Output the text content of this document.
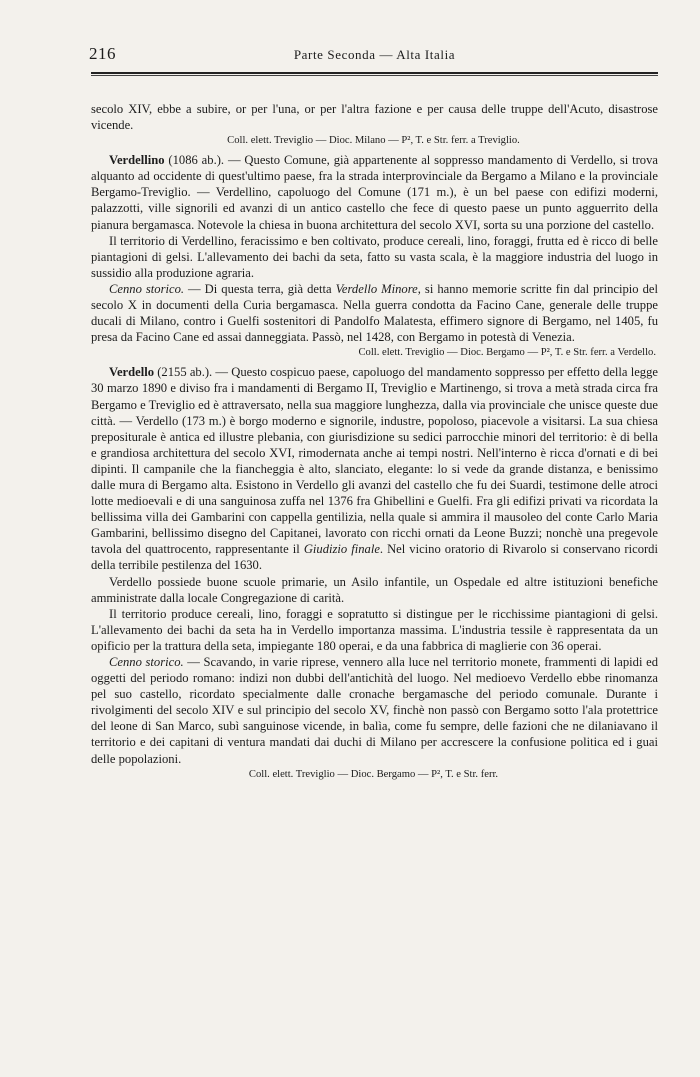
216	Parte Seconda — Alta Italia

secolo XIV, ebbe a subire, or per l'una, or per l'altra fazione e per causa delle truppe dell'Acuto, disastrose vicende.

Coll. elett. Treviglio — Dioc. Milano — P², T. e Str. ferr. a Treviglio.

Verdellino (1086 ab.). — Questo Comune, già appartenente al soppresso mandamento di Verdello, si trova alquanto ad occidente di quest'ultimo paese, fra la strada interprovinciale da Bergamo a Milano e la provinciale Bergamo-Treviglio. — Verdellino, capoluogo del Comune (171 m.), è un bel paese con edifizi moderni, palazzotti, ville signorili ed avanzi di un antico castello che fece di questo paese un punto agguerrito della pianura bergamasca. Notevole la chiesa in buona architettura del secolo XVI, sorta su una porzione del castello.

Il territorio di Verdellino, feracissimo e ben coltivato, produce cereali, lino, foraggi, frutta ed è ricco di belle piantagioni di gelsi. L'allevamento dei bachi da seta, fatto su vasta scala, è la maggiore industria del luogo in sussidio alla produzione agraria.

Cenno storico. — Di questa terra, già detta Verdello Minore, si hanno memorie scritte fin dal principio del secolo X in documenti della Curia bergamasca. Nella guerra condotta da Facino Cane, generale delle truppe ducali di Milano, contro i Guelfi sostenitori di Pandolfo Malatesta, effimero signore di Bergamo, nel 1405, fu presa da Facino Cane ed assai danneggiata. Passò, nel 1428, con Bergamo in potestà di Venezia.

Coll. elett. Treviglio — Dioc. Bergamo — P², T. e Str. ferr. a Verdello.

Verdello (2155 ab.). — Questo cospicuo paese, capoluogo del mandamento soppresso per effetto della legge 30 marzo 1890 e diviso fra i mandamenti di Bergamo II, Treviglio e Martinengo, si trova a metà strada circa fra Bergamo e Treviglio ed è attraversato, nella sua maggiore lunghezza, dalla via provinciale che unisce queste due città. — Verdello (173 m.) è borgo moderno e signorile, industre, popoloso, piacevole a visitarsi. La sua chiesa prepositurale è antica ed illustre plebania, con giurisdizione su sedici parrocchie minori del territorio: è di bella e grandiosa architettura del secolo XVI, rimodernata anche ai tempi nostri. Nell'interno è ricca d'ornati e di bei dipinti. Il campanile che la fiancheggia è alto, slanciato, elegante: lo si vede da grande distanza, e benissimo dalle mura di Bergamo alta. Esistono in Verdello gli avanzi del castello che fu dei Suardi, testimone delle atroci lotte medioevali e di una sanguinosa zuffa nel 1376 fra Ghibellini e Guelfi. Fra gli edifizi privati va ricordata la bellissima villa dei Gambarini con cappella gentilizia, nella quale si ammira il mausoleo del conte Carlo Maria Gambarini, bellissimo disegno del Capitanei, lavorato con ricchi ornati da Leone Buzzi; nonchè una pregevole tavola del quattrocento, rappresentante il Giudizio finale. Nel vicino oratorio di Rivarolo si conservano ricordi della terribile pestilenza del 1630.

Verdello possiede buone scuole primarie, un Asilo infantile, un Ospedale ed altre istituzioni benefiche amministrate dalla locale Congregazione di carità.

Il territorio produce cereali, lino, foraggi e sopratutto si distingue per le ricchissime piantagioni di gelsi. L'allevamento dei bachi da seta ha in Verdello importanza massima. L'industria tessile è rappresentata da un opificio per la trattura della seta, impiegante 180 operai, e da una fabbrica di maglierie con 36 operai.

Cenno storico. — Scavando, in varie riprese, vennero alla luce nel territorio monete, frammenti di lapidi ed oggetti del periodo romano: indizi non dubbi dell'antichità del luogo. Nel medioevo Verdello ebbe rinomanza pel suo castello, ricordato specialmente dalle cronache bergamasche del periodo comunale. Durante i rivolgimenti del secolo XIV e sul principio del secolo XV, finchè non passò con Bergamo sotto l'ala protettrice del leone di San Marco, subì sanguinose vicende, in balìa, come fu sempre, delle fazioni che ne dilaniavano il territorio e dei capitani di ventura mandati dai duchi di Milano per accrescere la confusione politica ed i guai delle popolazioni.

Coll. elett. Treviglio — Dioc. Bergamo — P², T. e Str. ferr.
